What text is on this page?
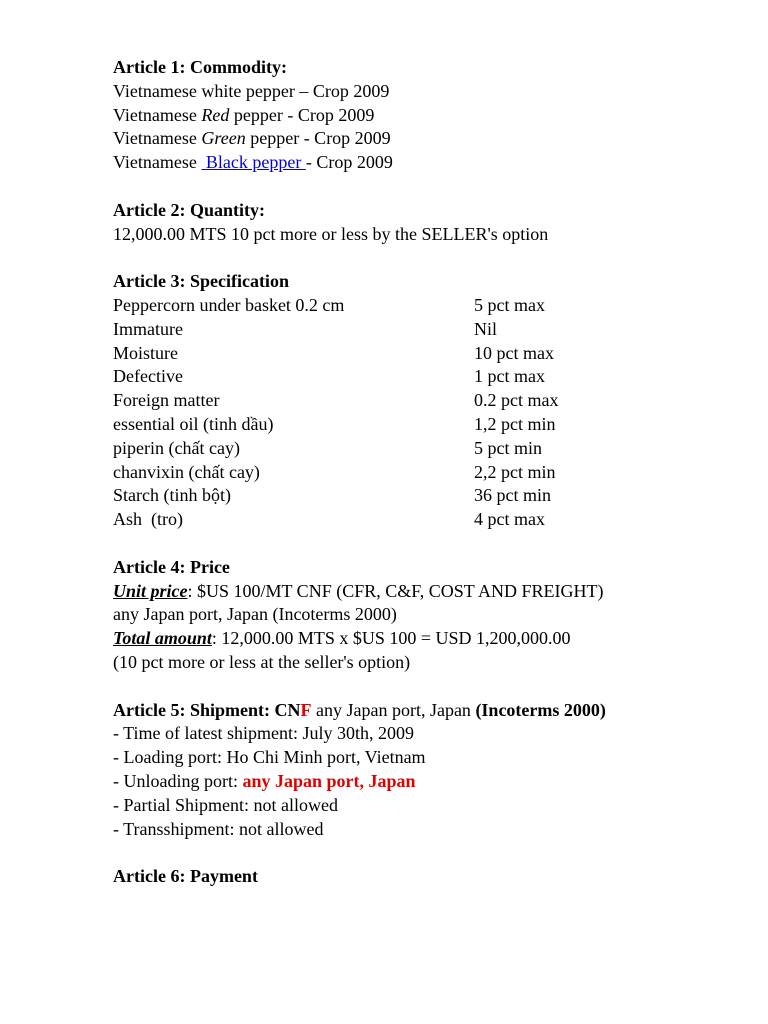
Article 1: Commodity:
Vietnamese white pepper – Crop 2009
Vietnamese Red pepper - Crop 2009
Vietnamese Green pepper - Crop 2009
Vietnamese  Black pepper - Crop 2009
Article 2: Quantity:
12,000.00 MTS 10 pct more or less by the SELLER's option
Article 3: Specification
Peppercorn under basket 0.2 cm	5 pct max
Immature	Nil
Moisture	10 pct max
Defective	1 pct max
Foreign matter	0.2 pct max
essential oil (tinh dầu)	1,2 pct min
piperin (chất cay)	5 pct min
chanvixin (chất cay)	2,2 pct min
Starch (tinh bột)	36 pct min
Ash  (tro)	4 pct max
Article 4: Price
Unit price: $US 100/MT CNF (CFR, C&F, COST AND FREIGHT) any Japan port, Japan (Incoterms 2000)
Total amount: 12,000.00 MTS x $US 100 = USD 1,200,000.00
(10 pct more or less at the seller's option)
Article 5: Shipment: CNF any Japan port, Japan (Incoterms 2000)
- Time of latest shipment: July 30th, 2009
- Loading port: Ho Chi Minh port, Vietnam
- Unloading port: any Japan port, Japan
- Partial Shipment: not allowed
- Transshipment: not allowed
Article 6: Payment
